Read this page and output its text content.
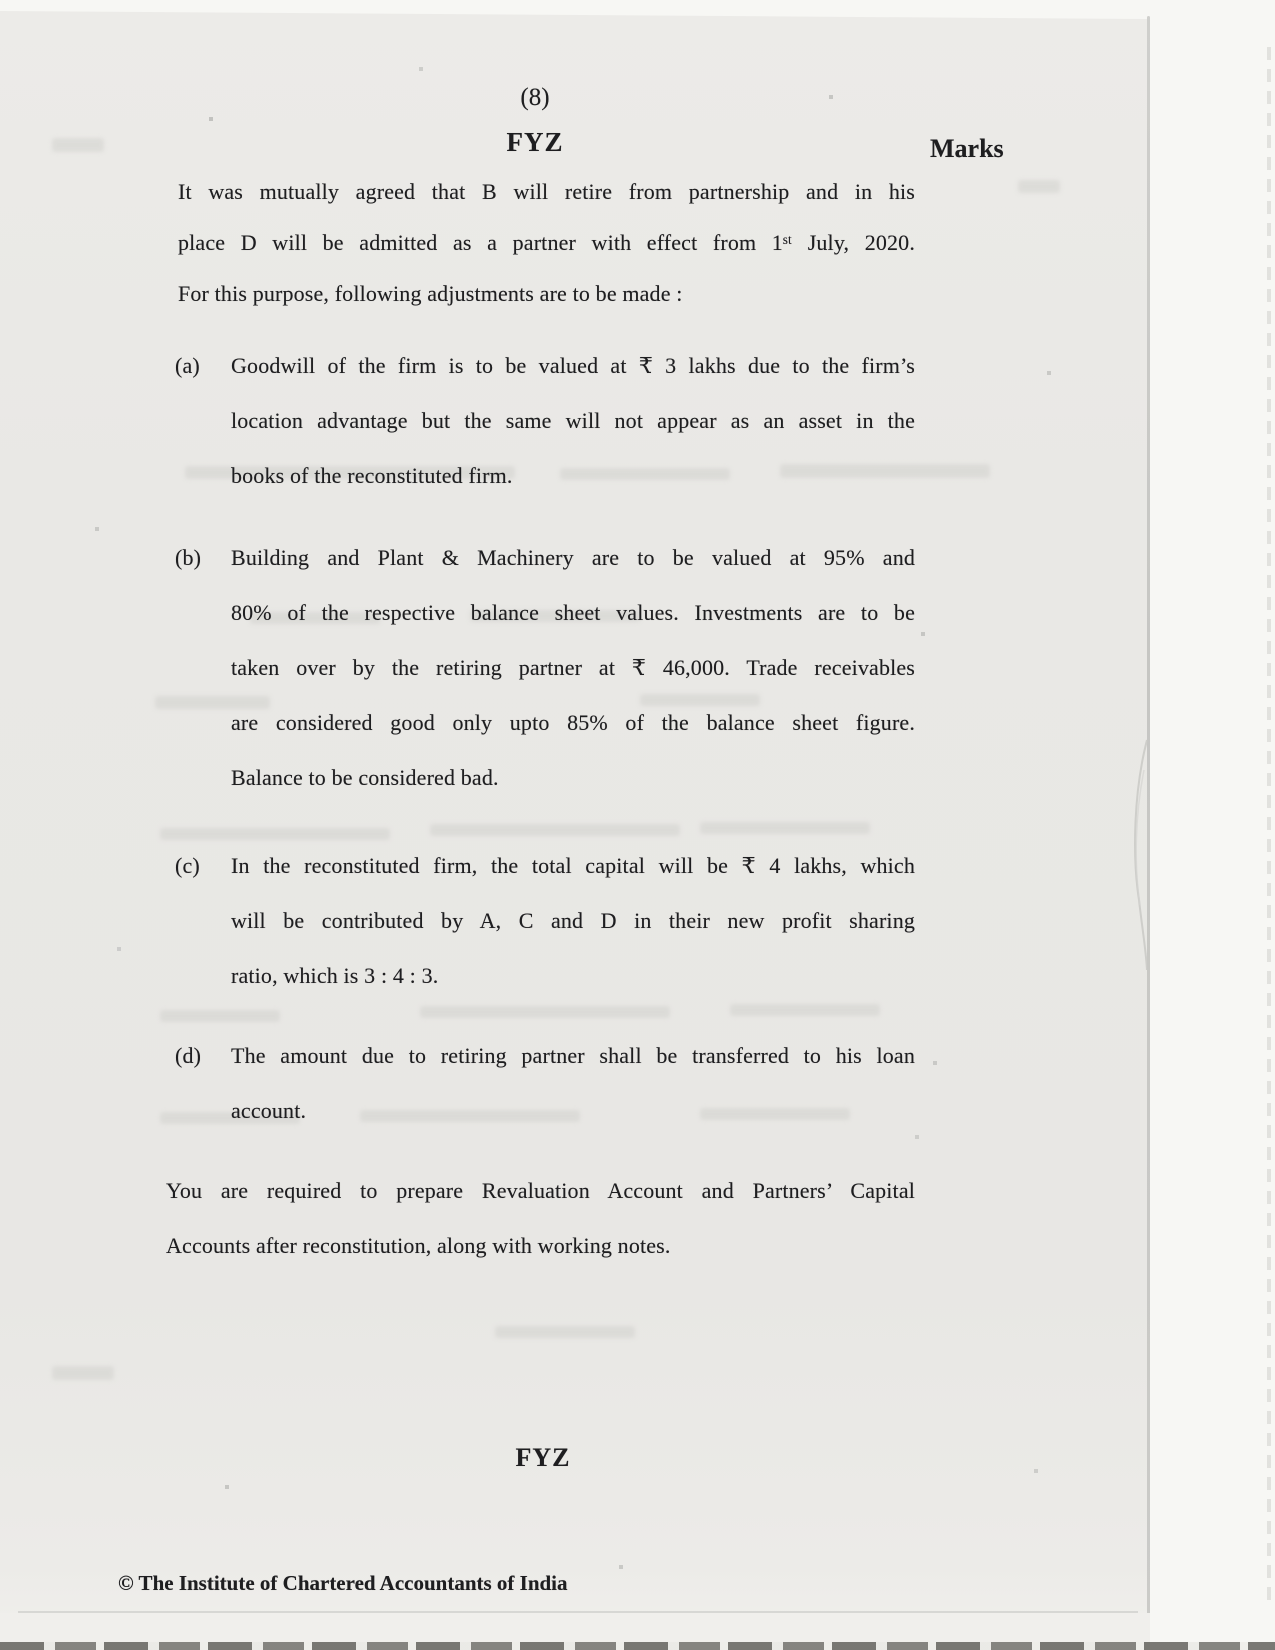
(8)
FYZ	Marks
It was mutually agreed that B will retire from partnership and in his
place D will be admitted as a partner with effect from 1ˢᵗ July, 2020.
For this purpose, following adjustments are to be made :
(a) Goodwill of the firm is to be valued at ₹ 3 lakhs due to the firm’s
location advantage but the same will not appear as an asset in the
books of the reconstituted firm.
(b) Building and Plant & Machinery are to be valued at 95% and
80% of the respective balance sheet values. Investments are to be
taken over by the retiring partner at ₹ 46,000. Trade receivables
are considered good only upto 85% of the balance sheet figure.
Balance to be considered bad.
(c) In the reconstituted firm, the total capital will be ₹ 4 lakhs, which
will be contributed by A, C and D in their new profit sharing
ratio, which is 3 : 4 : 3.
(d) The amount due to retiring partner shall be transferred to his loan
account.
You are required to prepare Revaluation Account and Partners’ Capital
Accounts after reconstitution, along with working notes.
FYZ
© The Institute of Chartered Accountants of India
